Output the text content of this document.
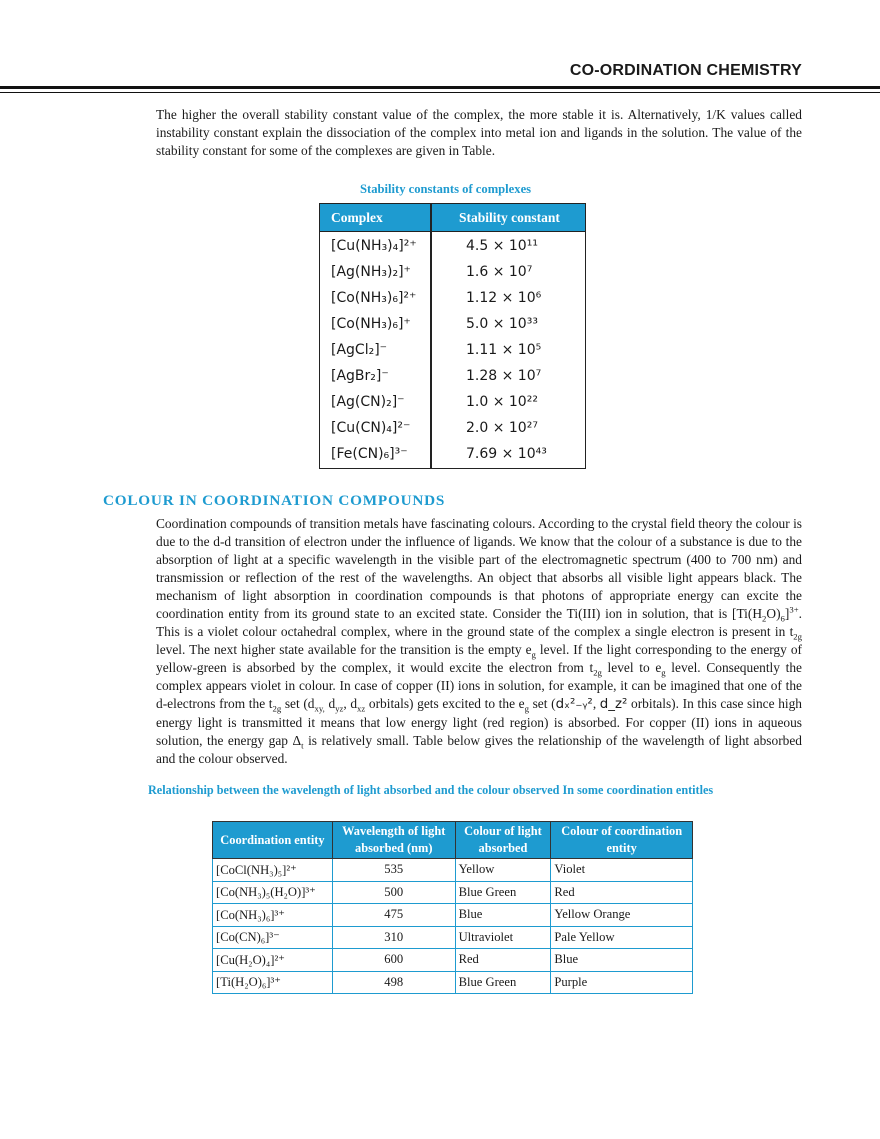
CO-ORDINATION CHEMISTRY

The higher the overall stability constant value of the complex, the more stable it is. Alternatively, 1/K values called instability constant explain the dissociation of the complex into metal ion and ligands in the solution. The value of the stability constant for some of the complexes are given in Table.

Stability constants of complexes
Complex	Stability constant
[Cu(NH₃)₄]²⁺	4.5 × 10¹¹
[Ag(NH₃)₂]⁺	1.6 × 10⁷
[Co(NH₃)₆]²⁺	1.12 × 10⁶
[Co(NH₃)₆]⁺	5.0 × 10³³
[AgCl₂]⁻	1.11 × 10⁵
[AgBr₂]⁻	1.28 × 10⁷
[Ag(CN)₂]⁻	1.0 × 10²²
[Cu(CN)₄]²⁻	2.0 × 10²⁷
[Fe(CN)₆]³⁻	7.69 × 10⁴³
COLOUR IN COORDINATION COMPOUNDS

Coordination compounds of transition metals have fascinating colours. According to the crystal field theory the colour is due to the d-d transition of electron under the influence of ligands. We know that the colour of a substance is due to the absorption of light at a specific wavelength in the visible part of the electromagnetic spectrum (400 to 700 nm) and transmission or reflection of the rest of the wavelengths. An object that absorbs all visible light appears black. The mechanism of light absorption in coordination compounds is that photons of appropriate energy can excite the coordination entity from its ground state to an excited state. Consider the Ti(III) ion in solution, that is $[Ti(H_2O)_6]^{3+}$. This is a violet colour octahedral complex, where in the ground state of the complex a single electron is present in $t_{2g}$ level. The next higher state available for the transition is the empty $e_g$ level. If the light corresponding to the energy of yellow-green is absorbed by the complex, it would excite the electron from $t_{2g}$ level to $e_g$ level. Consequently the complex appears violet in colour. In case of copper (II) ions in solution, for example, it can be imagined that one of the d-electrons from the $t_{2g}$ set ($d_{xy,}$ $d_{yz}$, $d_{xz}$ orbitals) gets excited to the $e_g$ set (dₓ²₋ᵧ², d_z² orbitals). In this case since high energy light is transmitted it means that low energy light (red region) is absorbed. For copper (II) ions in aqueous solution, the energy gap $\Delta_t$ is relatively small. Table below gives the relationship of the wavelength of light absorbed and the colour observed.

Relationship between the wavelength of light absorbed and the colour observed In some coordination entitles
Coordination entity	Wavelength of light absorbed (nm)	Colour of light absorbed	Colour of coordination entity
[CoCl(NH₃)₅]²⁺	535	Yellow	Violet
[Co(NH₃)₅(H₂O)]³⁺	500	Blue Green	Red
[Co(NH₃)₆]³⁺	475	Blue	Yellow Orange
[Co(CN)₆]³⁻	310	Ultraviolet	Pale Yellow
[Cu(H₂O)₄]²⁺	600	Red	Blue
[Ti(H₂O)₆]³⁺	498	Blue Green	Purple
